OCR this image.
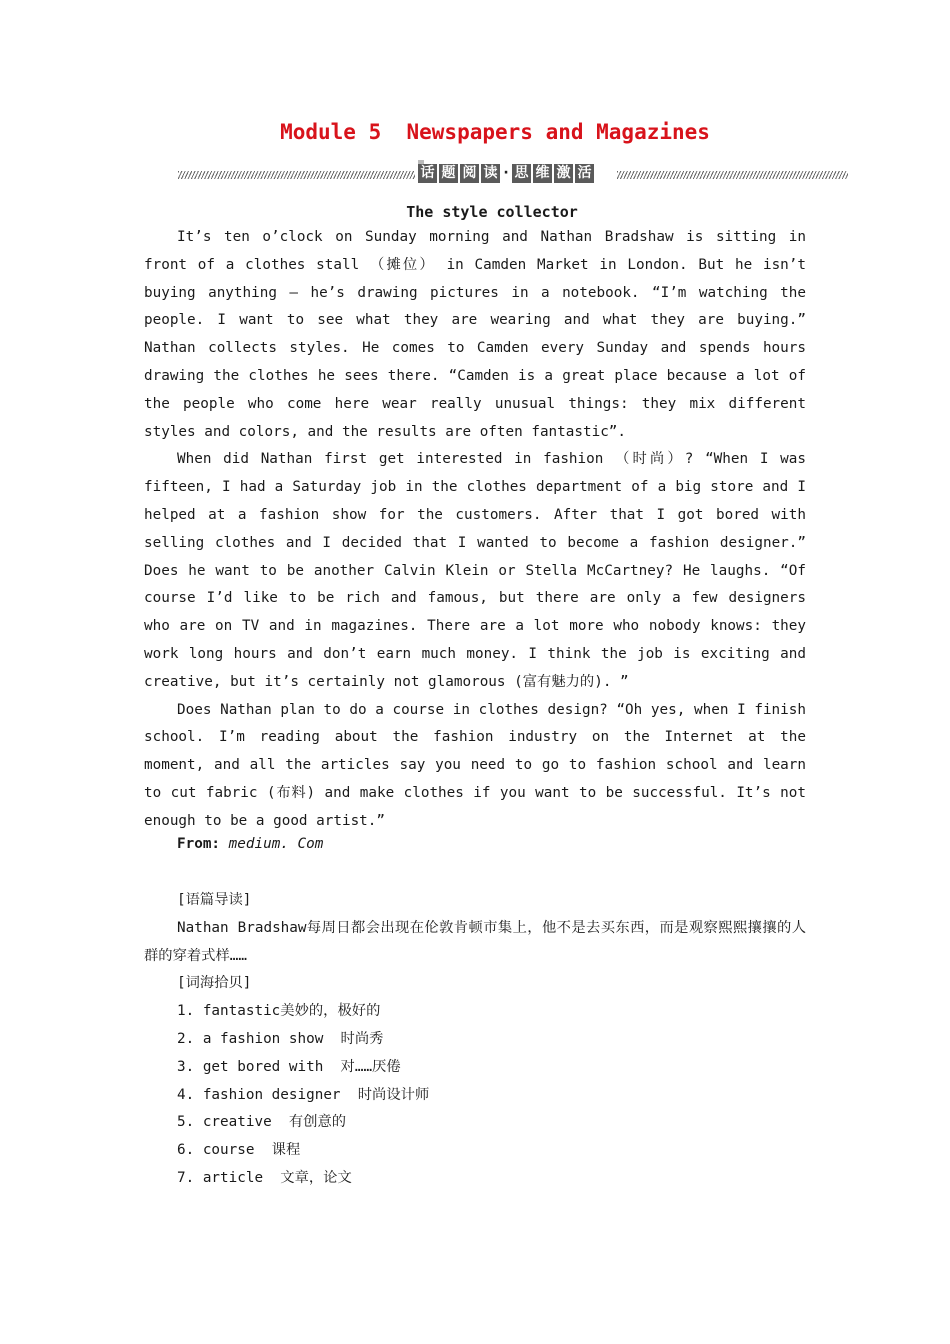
Module 5  Newspapers and Magazines
话 题 阅 读 · 思 维 激 活
The style collector

It’s ten o’clock on Sunday morning and Nathan Bradshaw is sitting in front of a clothes stall （摊位） in Camden Market in London. But he isn’t buying anything — he’s drawing pictures in a notebook. “I’m watching the people. I want to see what they are wearing and what they are buying.” Nathan collects styles. He comes to Camden every Sunday and spends hours drawing the clothes he sees there. “Camden is a great place because a lot of the people who come here wear really unusual things: they mix different styles and colors, and the results are often fantastic”.

When did Nathan first get interested in fashion （时尚）? “When I was fifteen, I had a Saturday job in the clothes department of a big store and I helped at a fashion show for the customers. After that I got bored with selling clothes and I decided that I wanted to become a fashion designer.” Does he want to be another Calvin Klein or Stella McCartney? He laughs. “Of course I’d like to be rich and famous, but there are only a few designers who are on TV and in magazines. There are a lot more who nobody knows: they work long hours and don’t earn much money. I think the job is exciting and creative, but it’s certainly not glamorous (富有魅力的). ”

Does Nathan plan to do a course in clothes design? “Oh yes, when I finish school. I’m reading about the fashion industry on the Internet at the moment, and all the articles say you need to go to fashion school and learn to cut fabric (布料) and make clothes if you want to be successful. It’s not enough to be a good artist.”

From: medium. Com
[语篇导读]

Nathan Bradshaw每周日都会出现在伦敦肯顿市集上，他不是去买东西，而是观察熙熙攘攘的人群的穿着式样……

[词海拾贝]
1. fantastic美妙的，极好的
2. a fashion show  时尚秀
3. get bored with  对……厌倦
4. fashion designer  时尚设计师
5. creative  有创意的
6. course  课程
7. article  文章，论文
